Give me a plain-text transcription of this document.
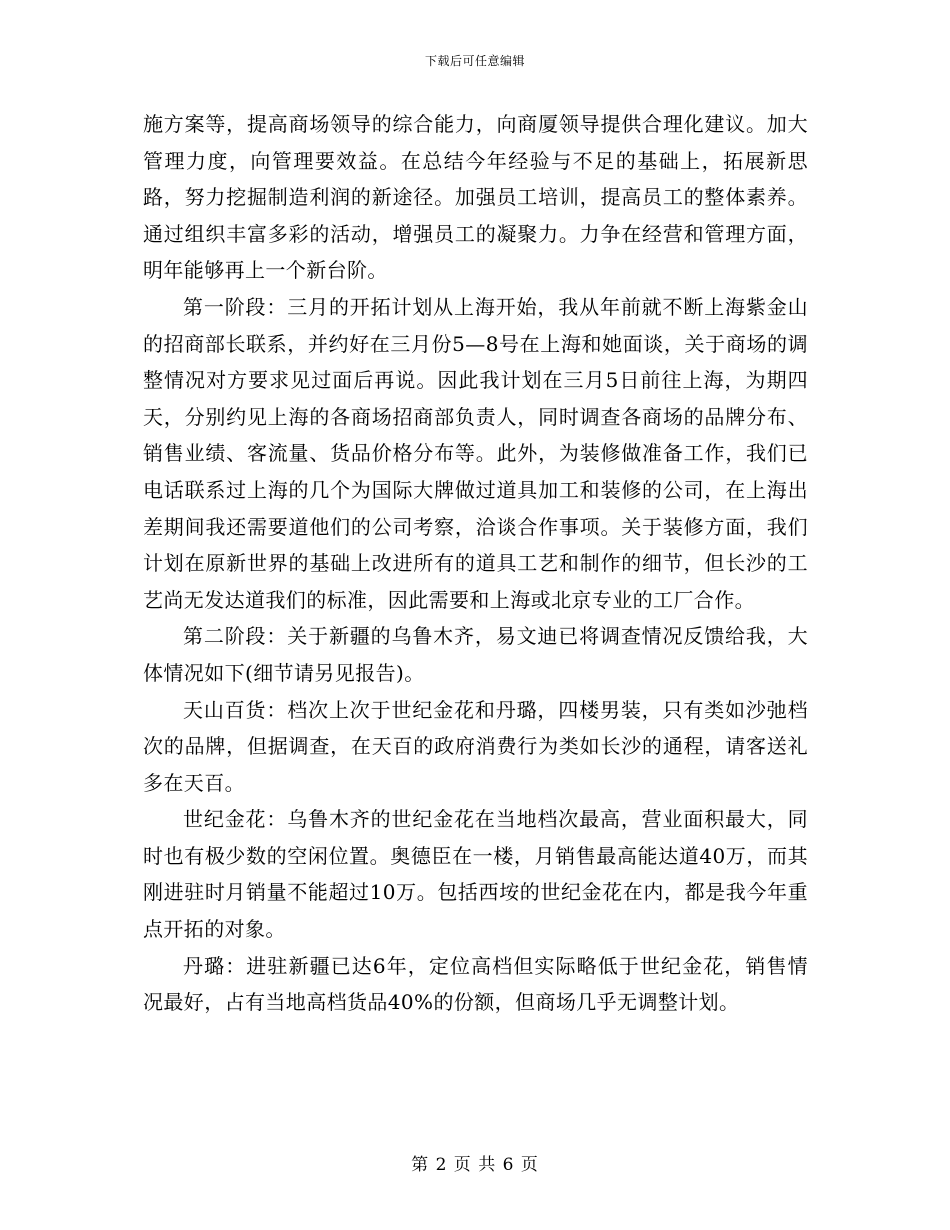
下载后可任意编辑

施方案等，提高商场领导的综合能力，向商厦领导提供合理化建议。加大管理力度，向管理要效益。在总结今年经验与不足的基础上，拓展新思路，努力挖掘制造利润的新途径。加强员工培训，提高员工的整体素养。通过组织丰富多彩的活动，增强员工的凝聚力。力争在经营和管理方面，明年能够再上一个新台阶。

第一阶段：三月的开拓计划从上海开始，我从年前就不断上海紫金山的招商部长联系，并约好在三月份5—8号在上海和她面谈，关于商场的调整情况对方要求见过面后再说。因此我计划在三月5日前往上海，为期四天，分别约见上海的各商场招商部负责人，同时调查各商场的品牌分布、销售业绩、客流量、货品价格分布等。此外，为装修做准备工作，我们已电话联系过上海的几个为国际大牌做过道具加工和装修的公司，在上海出差期间我还需要道他们的公司考察，洽谈合作事项。关于装修方面，我们计划在原新世界的基础上改进所有的道具工艺和制作的细节，但长沙的工艺尚无发达道我们的标准，因此需要和上海或北京专业的工厂合作。

第二阶段：关于新疆的乌鲁木齐，易文迪已将调查情况反馈给我，大体情况如下(细节请另见报告)。

天山百货：档次上次于世纪金花和丹璐，四楼男装，只有类如沙弛档次的品牌，但据调查，在天百的政府消费行为类如长沙的通程，请客送礼多在天百。

世纪金花：乌鲁木齐的世纪金花在当地档次最高，营业面积最大，同时也有极少数的空闲位置。奥德臣在一楼，月销售最高能达道40万，而其刚进驻时月销量不能超过10万。包括西垵的世纪金花在内，都是我今年重点开拓的对象。

丹璐：进驻新疆已达6年，定位高档但实际略低于世纪金花，销售情况最好，占有当地高档货品40%的份额，但商场几乎无调整计划。

第 2 页 共 6 页
